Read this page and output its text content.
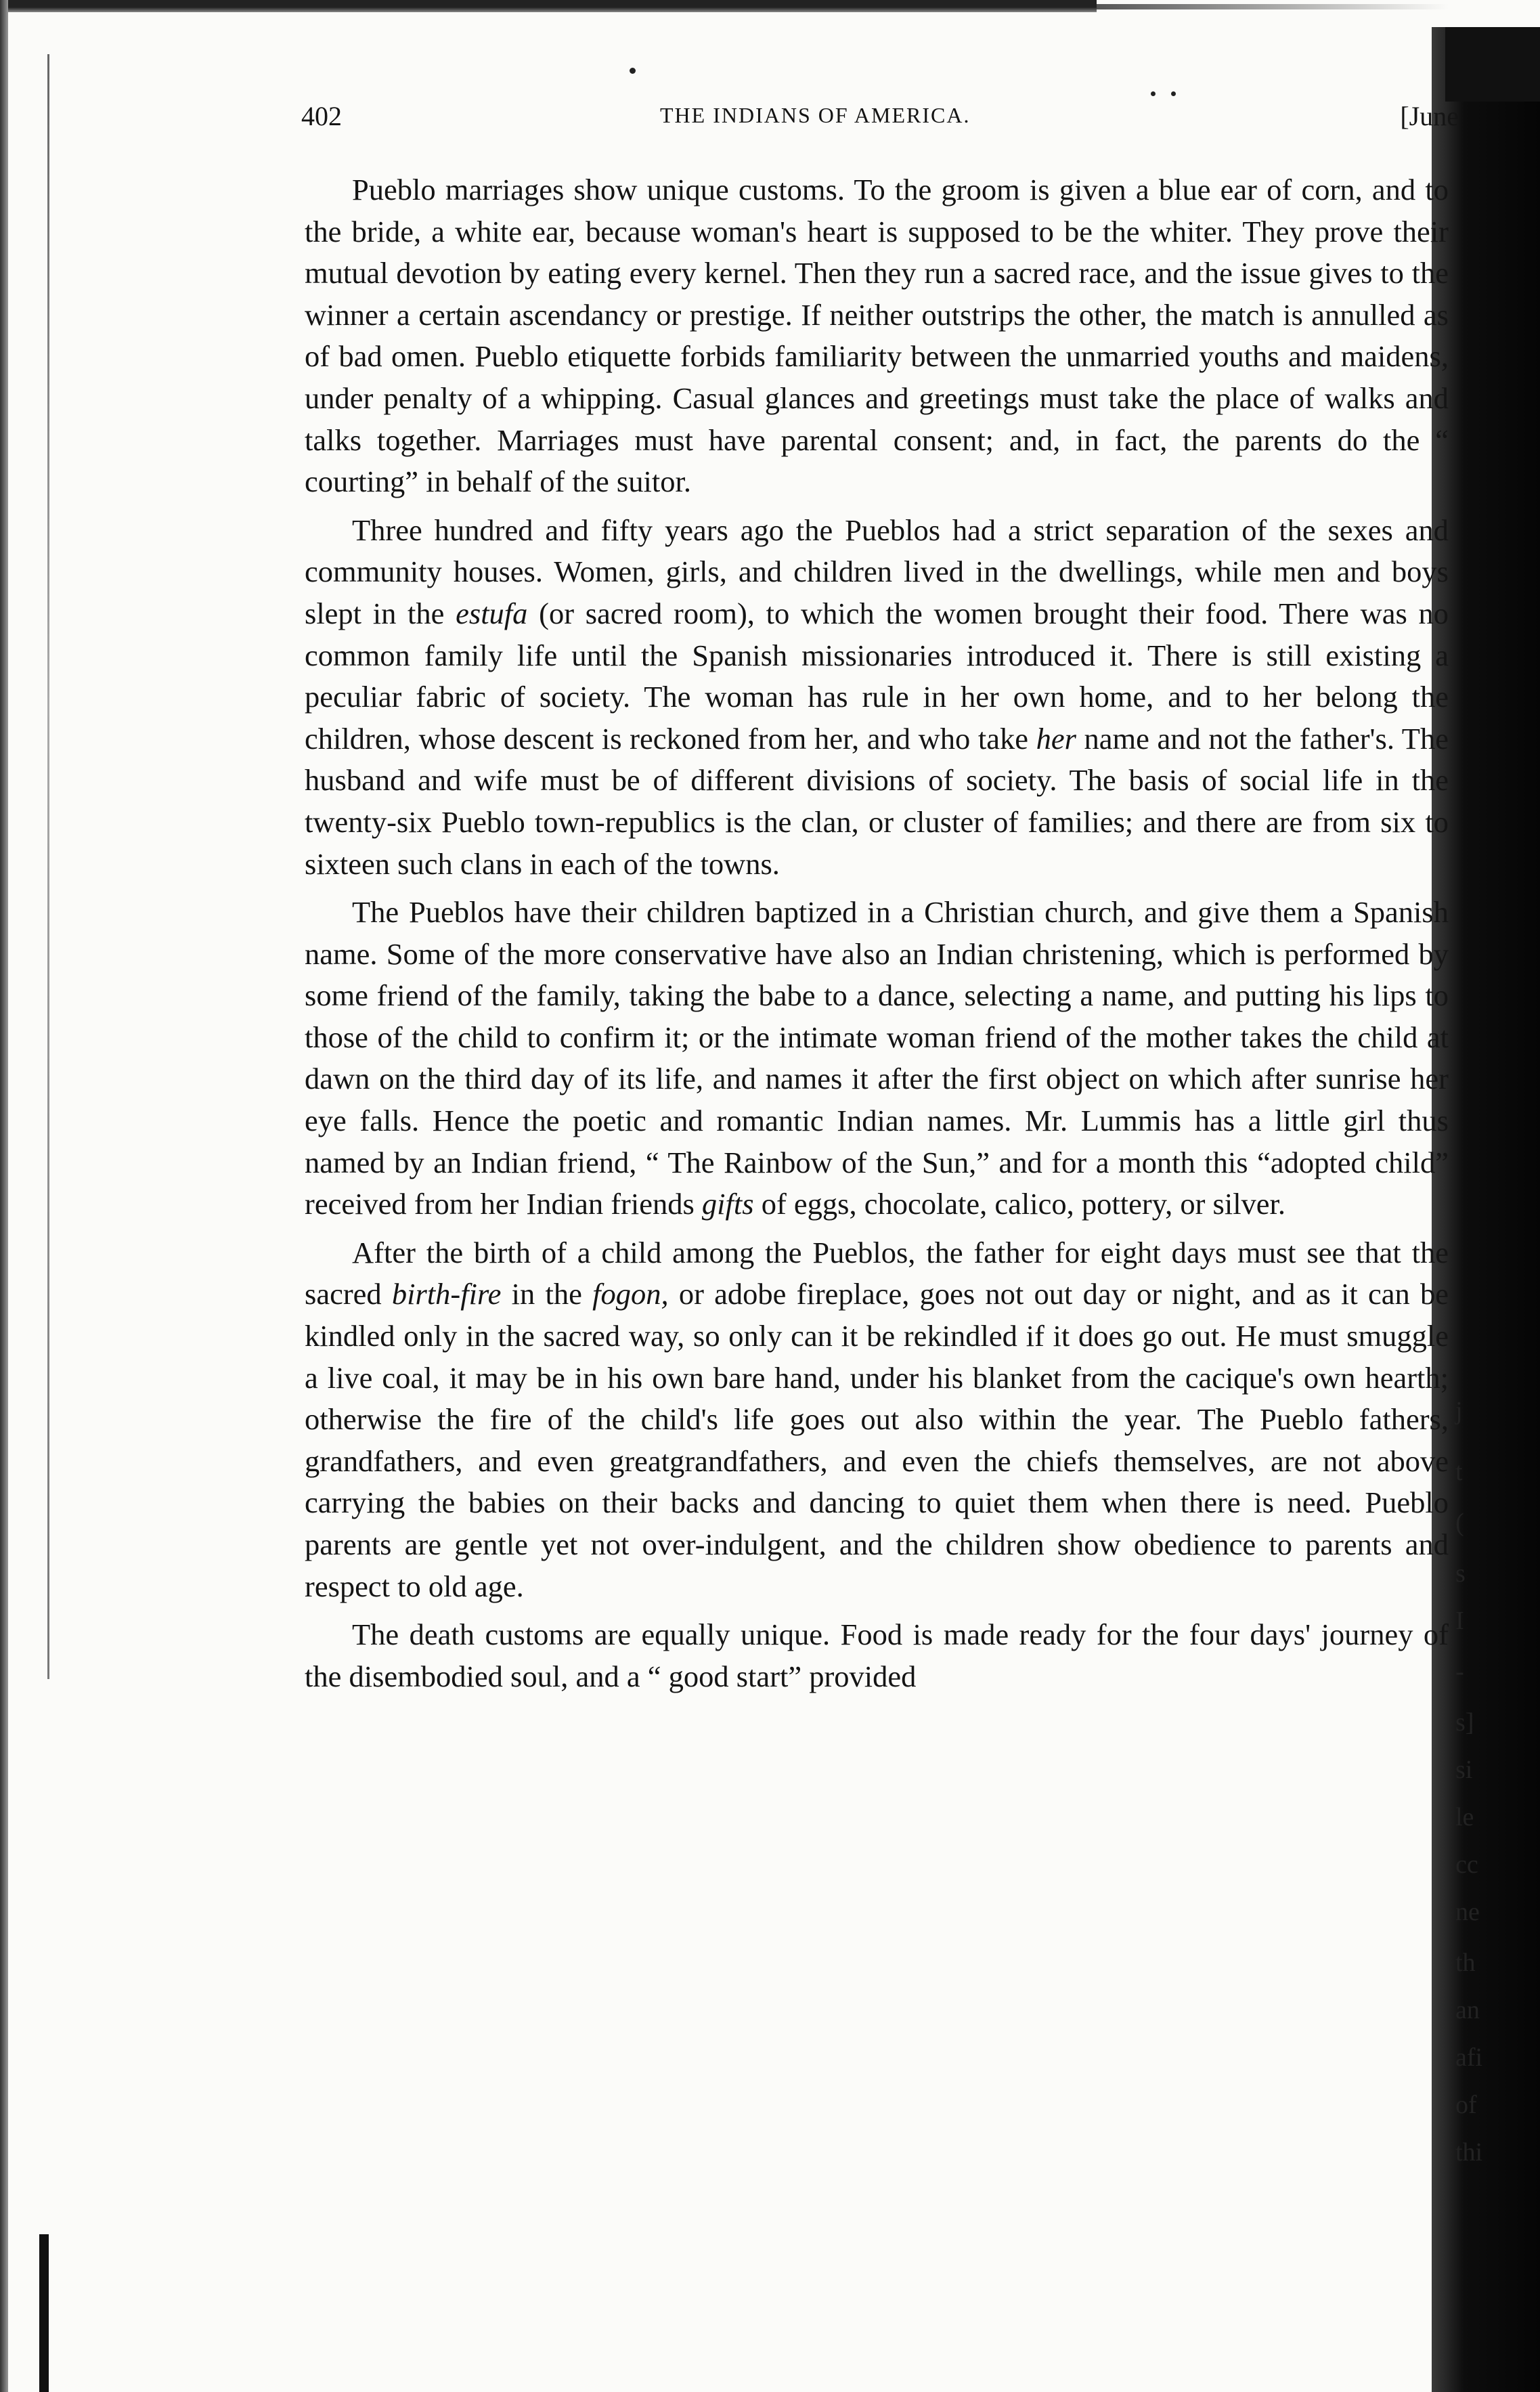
402	THE INDIANS OF AMERICA.	[June

Pueblo marriages show unique customs. To the groom is given a blue ear of corn, and to the bride, a white ear, because woman's heart is supposed to be the whiter. They prove their mutual devotion by eating every kernel. Then they run a sacred race, and the issue gives to the winner a certain ascendancy or prestige. If neither outstrips the other, the match is annulled as of bad omen. Pueblo etiquette forbids familiarity between the unmarried youths and maidens, under penalty of a whipping. Casual glances and greetings must take the place of walks and talks together. Marriages must have parental consent; and, in fact, the parents do the “ courting” in behalf of the suitor.

Three hundred and fifty years ago the Pueblos had a strict separation of the sexes and community houses. Women, girls, and children lived in the dwellings, while men and boys slept in the estufa (or sacred room), to which the women brought their food. There was no common family life until the Spanish missionaries introduced it. There is still existing a peculiar fabric of society. The woman has rule in her own home, and to her belong the children, whose descent is reckoned from her, and who take her name and not the father's. The husband and wife must be of different divisions of society. The basis of social life in the twenty-six Pueblo town-republics is the clan, or cluster of families; and there are from six to sixteen such clans in each of the towns.

The Pueblos have their children baptized in a Christian church, and give them a Spanish name. Some of the more conservative have also an Indian christening, which is performed by some friend of the family, taking the babe to a dance, selecting a name, and putting his lips to those of the child to confirm it; or the intimate woman friend of the mother takes the child at dawn on the third day of its life, and names it after the first object on which after sunrise her eye falls. Hence the poetic and romantic Indian names. Mr. Lummis has a little girl thus named by an Indian friend, “ The Rainbow of the Sun,” and for a month this “adopted child” received from her Indian friends gifts of eggs, chocolate, calico, pottery, or silver.

After the birth of a child among the Pueblos, the father for eight days must see that the sacred birth-fire in the fogon, or adobe fireplace, goes not out day or night, and as it can be kindled only in the sacred way, so only can it be rekindled if it does go out. He must smuggle a live coal, it may be in his own bare hand, under his blanket from the cacique's own hearth; otherwise the fire of the child's life goes out also within the year. The Pueblo fathers, grandfathers, and even greatgrandfathers, and even the chiefs themselves, are not above carrying the babies on their backs and dancing to quiet them when there is need. Pueblo parents are gentle yet not over-indulgent, and the children show obedience to parents and respect to old age.

The death customs are equally unique. Food is made ready for the four days' journey of the disembodied soul, and a “ good start” provided

j
t
(
s
I
-
s]
si
le
cc
ne
th
an
afi
of
thi
